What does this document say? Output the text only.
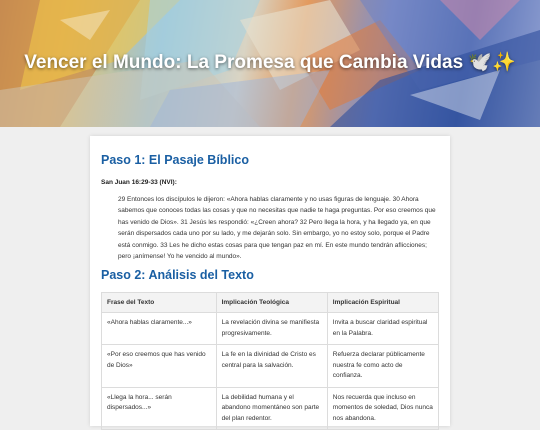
Vencer el Mundo: La Promesa que Cambia Vidas 🕊️✨
Paso 1: El Pasaje Bíblico
San Juan 16:29-33 (NVI):
29 Entonces los discípulos le dijeron: «Ahora hablas claramente y no usas figuras de lenguaje. 30 Ahora sabemos que conoces todas las cosas y que no necesitas que nadie te haga preguntas. Por eso creemos que has venido de Dios». 31 Jesús les respondió: «¿Creen ahora? 32 Pero llega la hora, y ha llegado ya, en que serán dispersados cada uno por su lado, y me dejarán solo. Sin embargo, yo no estoy solo, porque el Padre está conmigo. 33 Les he dicho estas cosas para que tengan paz en mí. En este mundo tendrán aflicciones; pero ¡anímense! Yo he vencido al mundo».
Paso 2: Análisis del Texto
Frase del Texto	Implicación Teológica	Implicación Espiritual
«Ahora hablas claramente...»	La revelación divina se manifiesta progresivamente.	Invita a buscar claridad espiritual en la Palabra.
«Por eso creemos que has venido de Dios»	La fe en la divinidad de Cristo es central para la salvación.	Refuerza declarar públicamente nuestra fe como acto de confianza.
«Llega la hora... serán dispersados...»	La debilidad humana y el abandono momentáneo son parte del plan redentor.	Nos recuerda que incluso en momentos de soledad, Dios nunca nos abandona.
